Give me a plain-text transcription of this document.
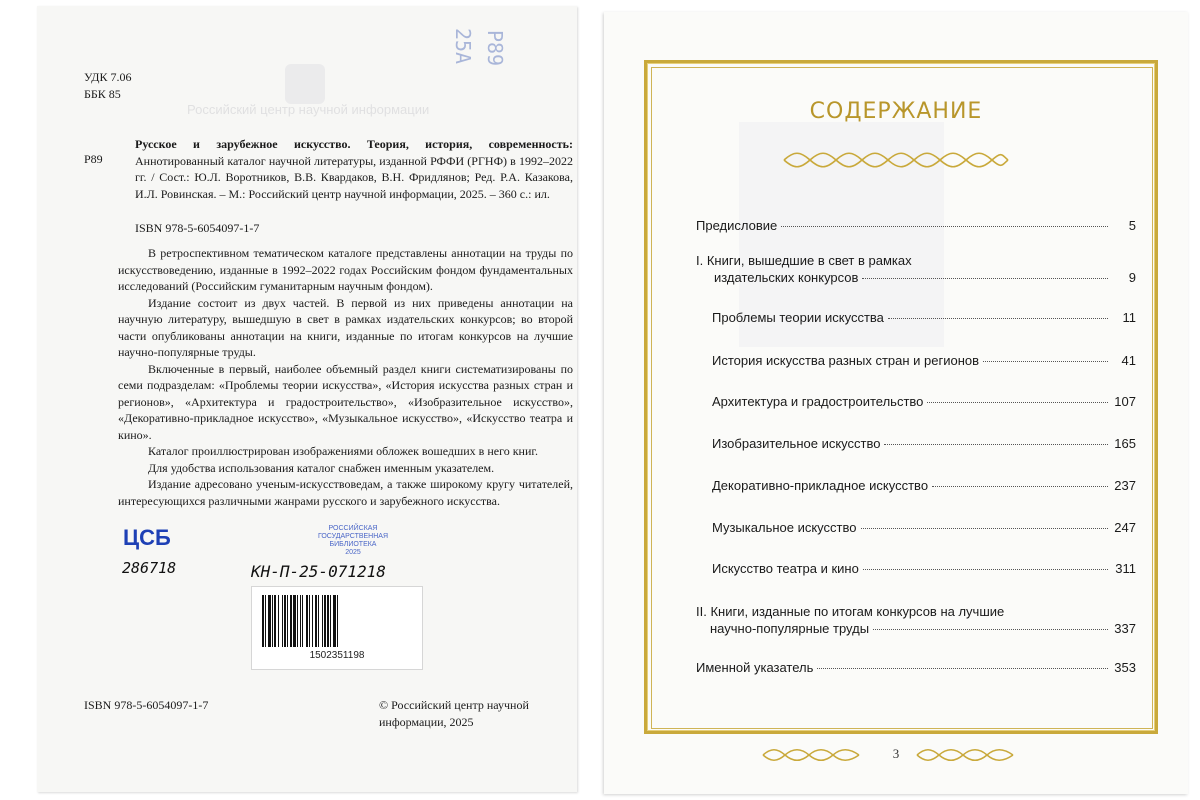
Российский центр научной информации
25А Р89
УДК 7.06
ББК 85
Р89
Русское и зарубежное искусство. Теория, история, современность: Аннотированный каталог научной литературы, изданной РФФИ (РГНФ) в 1992–2022 гг. / Сост.: Ю.Л. Воротников, В.В. Квардаков, В.Н. Фридлянов; Ред. Р.А. Казакова, И.Л. Ровинская. – М.: Российский центр научной информации, 2025. – 360 с.: ил.
ISBN 978-5-6054097-1-7

В ретроспективном тематическом каталоге представлены аннотации на труды по искусствоведению, изданные в 1992–2022 годах Российским фондом фундаментальных исследований (Российским гуманитарным научным фондом).

Издание состоит из двух частей. В первой из них приведены аннотации на научную литературу, вышедшую в свет в рамках издательских конкурсов; во второй части опубликованы аннотации на книги, изданные по итогам конкурсов на лучшие научно-популярные труды.

Включенные в первый, наиболее объемный раздел книги систематизированы по семи подразделам: «Проблемы теории искусства», «История искусства разных стран и регионов», «Архитектура и градостроительство», «Изобразительное искусство», «Декоративно-прикладное искусство», «Музыкальное искусство», «Искусство театра и кино».

Каталог проиллюстрирован изображениями обложек вошедших в него книг.

Для удобства использования каталог снабжен именным указателем.

Издание адресовано ученым-искусствоведам, а также широкому кругу читателей, интересующихся различными жанрами русского и зарубежного искусства.

ЦСБ
286718
РОССИЙСКАЯ
ГОСУДАРСТВЕННАЯ
БИБЛИОТЕКА
2025
КН-П-25-071218
1502351198
ISBN 978-5-6054097-1-7	© Российский центр научной информации, 2025
СОДЕРЖАНИЕ
Предисловие	5
I. Книги, вышедшие в свет в рамках
издательских конкурсов	9
Проблемы теории искусства	11
История искусства разных стран и регионов	41
Архитектура и градостроительство	107
Изобразительное искусство	165
Декоративно-прикладное искусство	237
Музыкальное искусство	247
Искусство театра и кино	311
II. Книги, изданные по итогам конкурсов на лучшие
научно-популярные труды	337
Именной указатель	353
3
